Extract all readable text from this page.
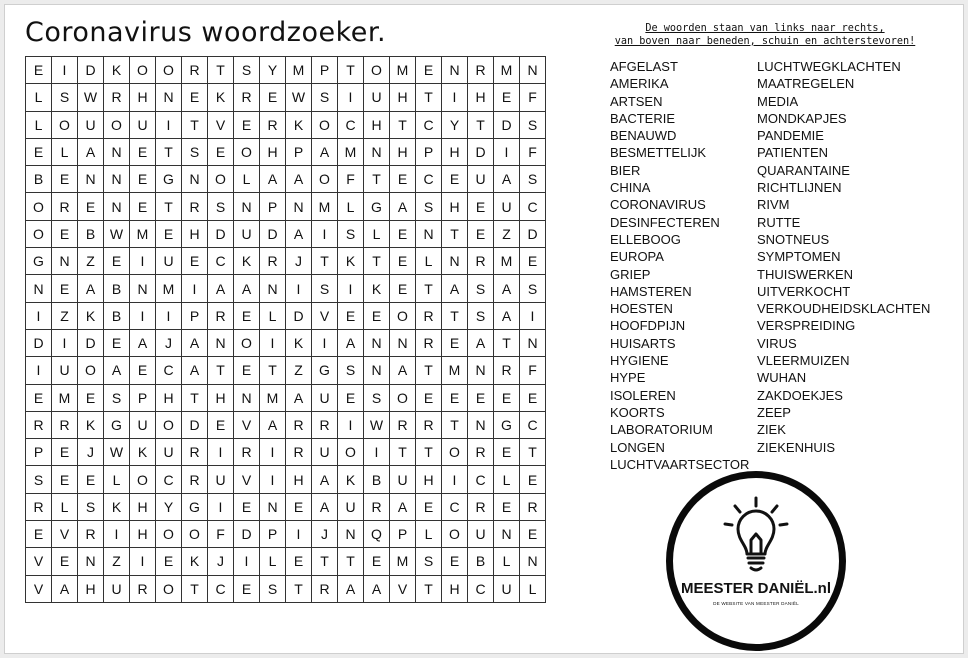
Coronavirus woordzoeker.	De woorden staan van links naar rechts,
van boven naar beneden, schuin en achterstevoren!
E	I	D	K	O	O	R	T	S	Y	M	P	T	O	M	E	N	R	M	N
L	S	W	R	H	N	E	K	R	E	W	S	I	U	H	T	I	H	E	F
L	O	U	O	U	I	T	V	E	R	K	O	C	H	T	C	Y	T	D	S
E	L	A	N	E	T	S	E	O	H	P	A	M	N	H	P	H	D	I	F
B	E	N	N	E	G	N	O	L	A	A	O	F	T	E	C	E	U	A	S
O	R	E	N	E	T	R	S	N	P	N	M	L	G	A	S	H	E	U	C
O	E	B	W	M	E	H	D	U	D	A	I	S	L	E	N	T	E	Z	D
G	N	Z	E	I	U	E	C	K	R	J	T	K	T	E	L	N	R	M	E
N	E	A	B	N	M	I	A	A	N	I	S	I	K	E	T	A	S	A	S
I	Z	K	B	I	I	P	R	E	L	D	V	E	E	O	R	T	S	A	I
D	I	D	E	A	J	A	N	O	I	K	I	A	N	N	R	E	A	T	N
I	U	O	A	E	C	A	T	E	T	Z	G	S	N	A	T	M	N	R	F
E	M	E	S	P	H	T	H	N	M	A	U	E	S	O	E	E	E	E	E
R	R	K	G	U	O	D	E	V	A	R	R	I	W	R	R	T	N	G	C
P	E	J	W	K	U	R	I	R	I	R	U	O	I	T	T	O	R	E	T
S	E	E	L	O	C	R	U	V	I	H	A	K	B	U	H	I	C	L	E
R	L	S	K	H	Y	G	I	E	N	E	A	U	R	A	E	C	R	E	R
E	V	R	I	H	O	O	F	D	P	I	J	N	Q	P	L	O	U	N	E
V	E	N	Z	I	E	K	J	I	L	E	T	T	E	M	S	E	B	L	N
V	A	H	U	R	O	T	C	E	S	T	R	A	A	V	T	H	C	U	L
AFGELAST
AMERIKA
ARTSEN
BACTERIE
BENAUWD
BESMETTELIJK
BIER
CHINA
CORONAVIRUS
DESINFECTEREN
ELLEBOOG
EUROPA
GRIEP
HAMSTEREN
HOESTEN
HOOFDPIJN
HUISARTS
HYGIENE
HYPE
ISOLEREN
KOORTS
LABORATORIUM
LONGEN
LUCHTVAARTSECTOR
LUCHTWEGKLACHTEN
MAATREGELEN
MEDIA
MONDKAPJES
PANDEMIE
PATIENTEN
QUARANTAINE
RICHTLIJNEN
RIVM
RUTTE
SNOTNEUS
SYMPTOMEN
THUISWERKEN
UITVERKOCHT
VERKOUDHEIDSKLACHTEN
VERSPREIDING
VIRUS
VLEERMUIZEN
WUHAN
ZAKDOEKJES
ZEEP
ZIEK
ZIEKENHUIS
MEESTER DANIËL.nl
DE WEBSITE VAN MEESTER DANIËL
